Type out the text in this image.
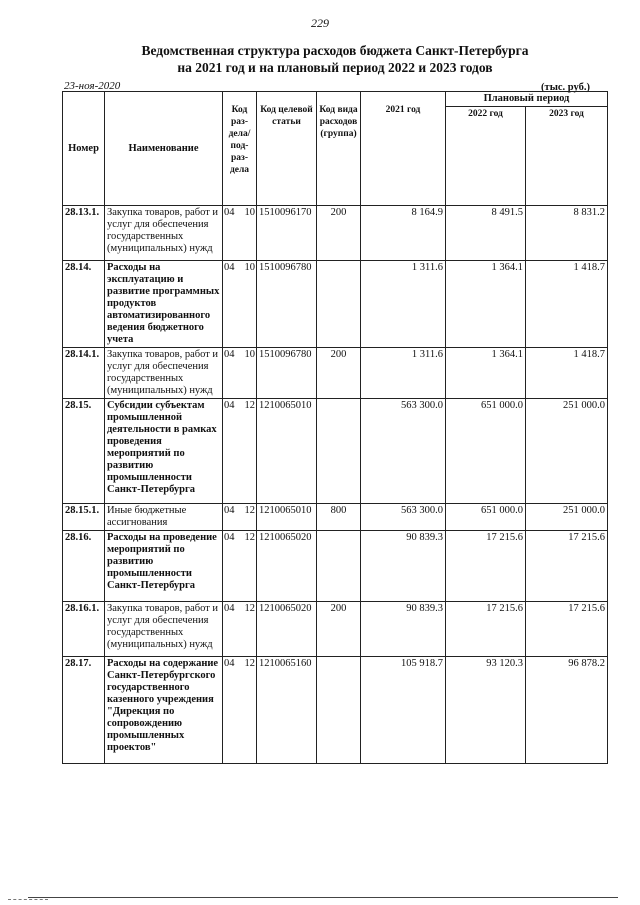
229
Ведомственная структура расходов бюджета Санкт-Петербурга
на 2021 год и на плановый период 2022 и 2023 годов
23-ноя-2020	(тыс. руб.)
Номер	Наименование	Код раз-дела/ под-раз-дела	Код целевой статьи	Код вида расходов (группа)	2021 год	Плановый период	
						2022 год	2023 год
28.13.1.	Закупка товаров, работ и услуг для обеспечения государственных (муниципальных) нужд	04 10	1510096170	200	8 164.9	8 491.5	8 831.2
28.14.	Расходы на эксплуатацию и развитие программных продуктов автоматизированного ведения бюджетного учета	04 10	1510096780		1 311.6	1 364.1	1 418.7
28.14.1.	Закупка товаров, работ и услуг для обеспечения государственных (муниципальных) нужд	04 10	1510096780	200	1 311.6	1 364.1	1 418.7
28.15.	Субсидии субъектам промышленной деятельности в рамках проведения мероприятий по развитию промышленности Санкт-Петербурга	04 12	1210065010		563 300.0	651 000.0	251 000.0
28.15.1.	Иные бюджетные ассигнования	04 12	1210065010	800	563 300.0	651 000.0	251 000.0
28.16.	Расходы на проведение мероприятий по развитию промышленности Санкт-Петербурга	04 12	1210065020		90 839.3	17 215.6	17 215.6
28.16.1.	Закупка товаров, работ и услуг для обеспечения государственных (муниципальных) нужд	04 12	1210065020	200	90 839.3	17 215.6	17 215.6
28.17.	Расходы на содержание Санкт-Петербургского государственного казенного учреждения "Дирекция по сопровождению промышленных проектов"	04 12	1210065160		105 918.7	93 120.3	96 878.2
